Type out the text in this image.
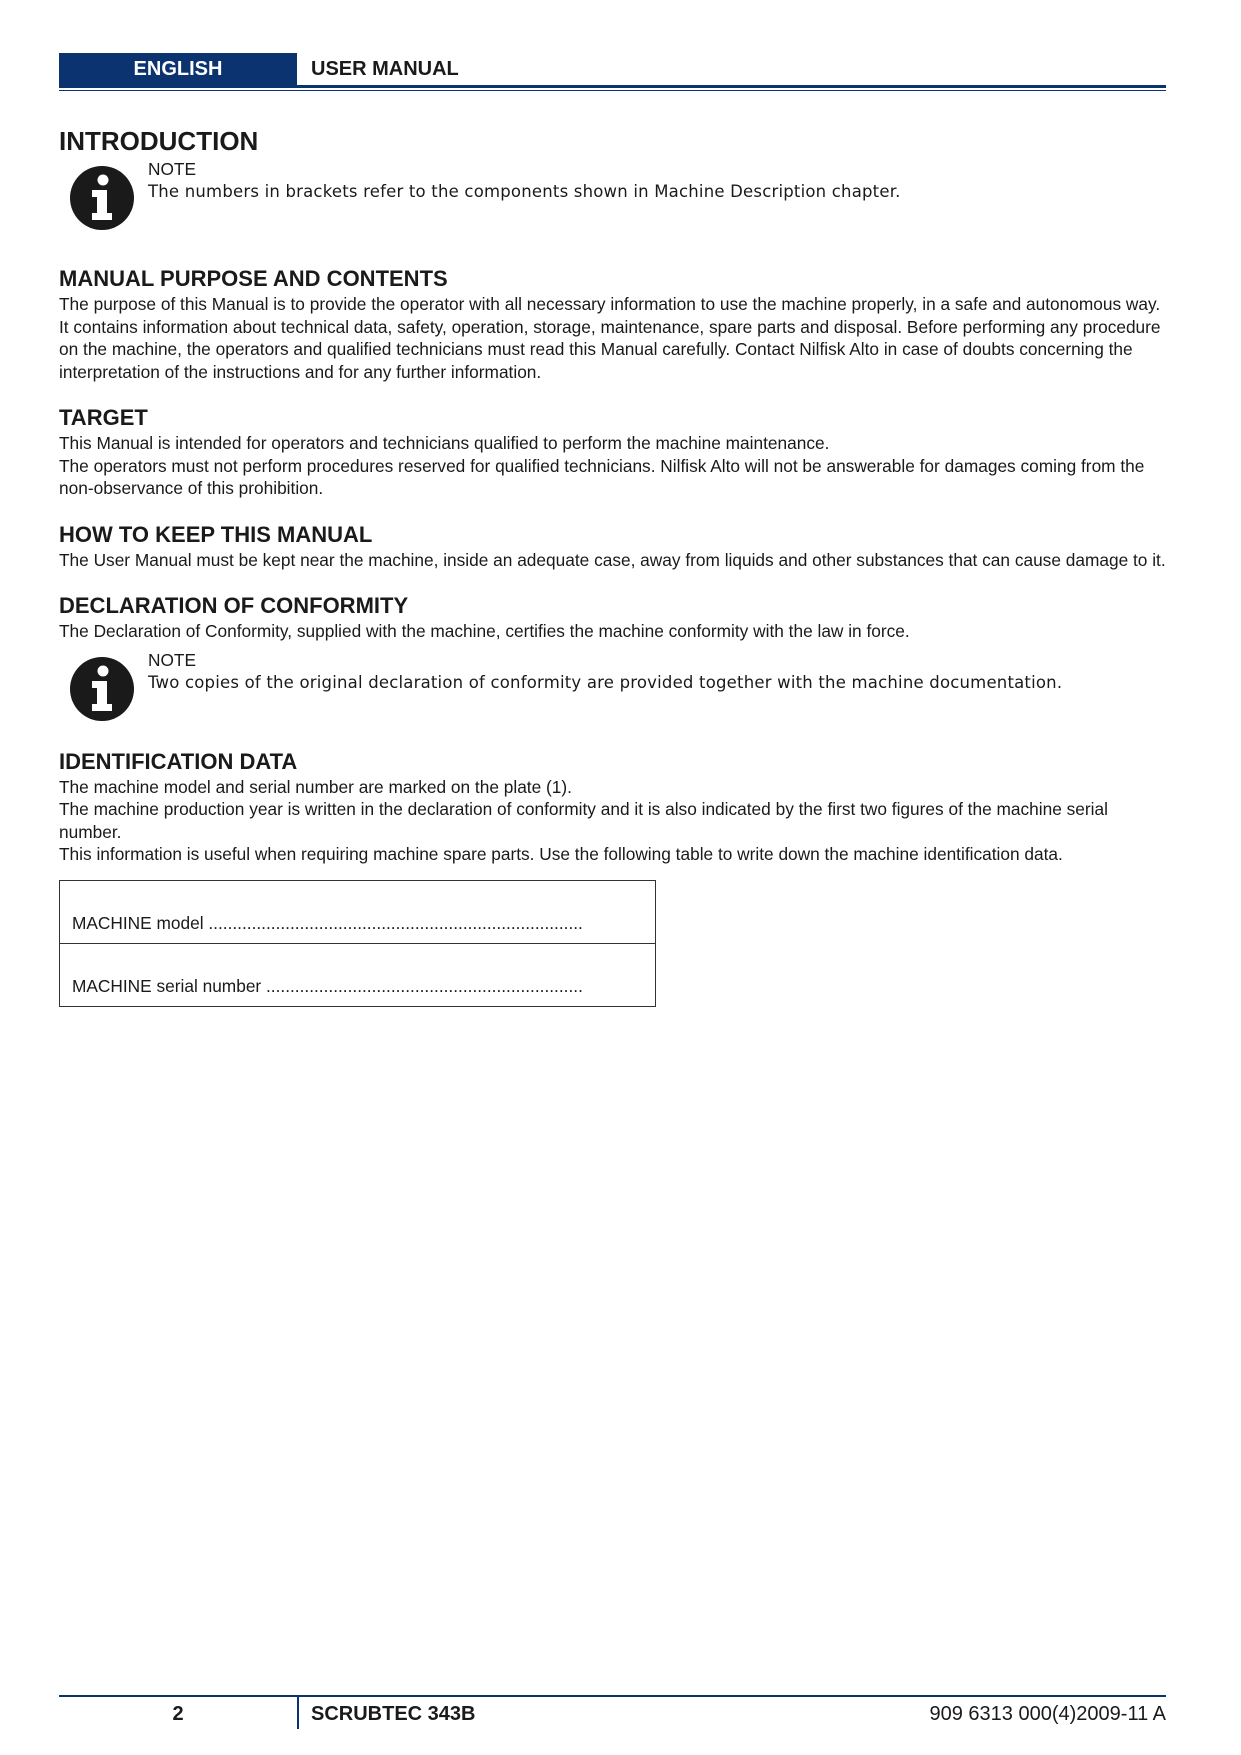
ENGLISH	USER MANUAL
INTRODUCTION
NOTE
The numbers in brackets refer to the components shown in Machine Description chapter.
MANUAL PURPOSE AND CONTENTS

The purpose of this Manual is to provide the operator with all necessary information to use the machine properly, in a safe and autonomous way. It contains information about technical data, safety, operation, storage, maintenance, spare parts and disposal. Before performing any procedure on the machine, the operators and qualified technicians must read this Manual carefully. Contact Nilfisk Alto in case of doubts concerning the interpretation of the instructions and for any further information.

TARGET

This Manual is intended for operators and technicians qualified to perform the machine maintenance.

The operators must not perform procedures reserved for qualified technicians. Nilfisk Alto will not be answerable for damages coming from the non-observance of this prohibition.

HOW TO KEEP THIS MANUAL

The User Manual must be kept near the machine, inside an adequate case, away from liquids and other substances that can cause damage to it.

DECLARATION OF CONFORMITY

The Declaration of Conformity, supplied with the machine, certifies the machine conformity with the law in force.

NOTE
Two copies of the original declaration of conformity are provided together with the machine documentation.
IDENTIFICATION DATA

The machine model and serial number are marked on the plate (1).

The machine production year is written in the declaration of conformity and it is also indicated by the first two figures of the machine serial number.

This information is useful when requiring machine spare parts. Use the following table to write down the machine identification data.

MACHINE model ..............................................................................
MACHINE serial number ..................................................................
2	SCRUBTEC 343B	909 6313 000(4)2009-11 A
